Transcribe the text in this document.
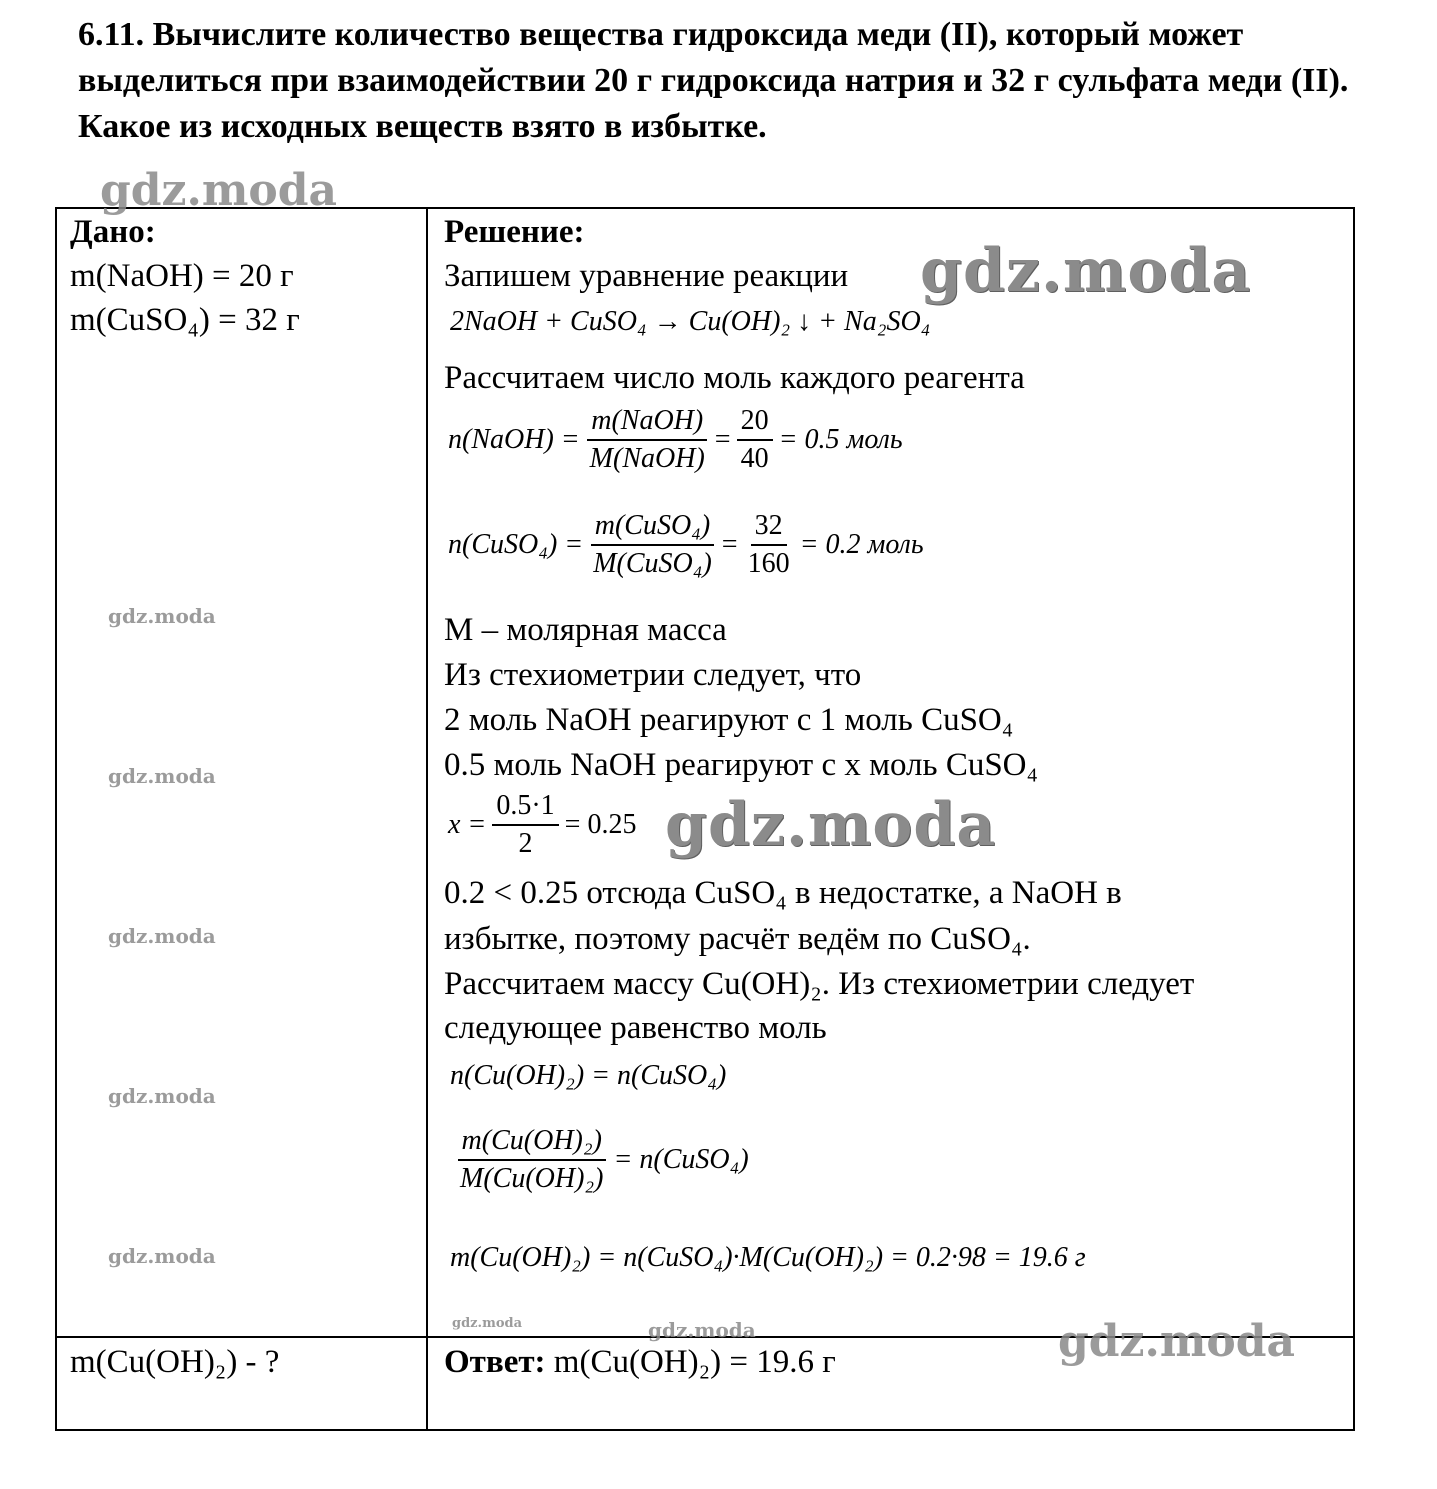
6.11. Вычислите количество вещества гидроксида меди (II), который может выделиться при взаимодействии 20 г гидроксида натрия и 32 г сульфата меди (II). Какое из исходных веществ взято в избытке.
Дано:
m(NaOH) = 20 г
m(CuSO₄) = 32 г
m(Cu(OH)₂) - ?
Решение:
Запишем уравнение реакции
2NaOH + CuSO₄ → Cu(OH)₂ ↓ + Na₂SO₄
Рассчитаем число моль каждого реагента
n(NaOH) = $\frac{\text{m(NaOH)}}{\text{M(NaOH)}} = \frac{20}{40} = 0.5$ моль
n(CuSO₄) = $\frac{\text{m(CuSO₄)}}{\text{M(CuSO₄)}} = \frac{32}{160} = 0.2$ моль
M – молярная масса
Из стехиометрии следует, что
2 моль NaOH реагируют с 1 моль CuSO₄
0.5 моль NaOH реагируют с x моль CuSO₄
$x = \frac{0.5\cdot 1}{2} = 0.25$
0.2 < 0.25 отсюда CuSO₄ в недостатке, а NaOH в
избытке, поэтому расчёт ведём по CuSO₄.
Рассчитаем массу Cu(OH)₂. Из стехиометрии следует
следующее равенство моль
n(Cu(OH)₂) = n(CuSO₄)
$\frac{\text{m(Cu(OH)₂)}}{\text{M(Cu(OH)₂)}}$ = n(CuSO₄)
m(Cu(OH)₂) = n(CuSO₄)·M(Cu(OH)₂) = 0.2·98 = 19.6 г
Ответ: m(Cu(OH)₂) = 19.6 г
gdz.moda
gdz.moda
gdz.moda
gdz.moda
gdz.moda
gdz.moda
gdz.moda
gdz.moda
gdz.moda
gdz.moda	gdz.moda
